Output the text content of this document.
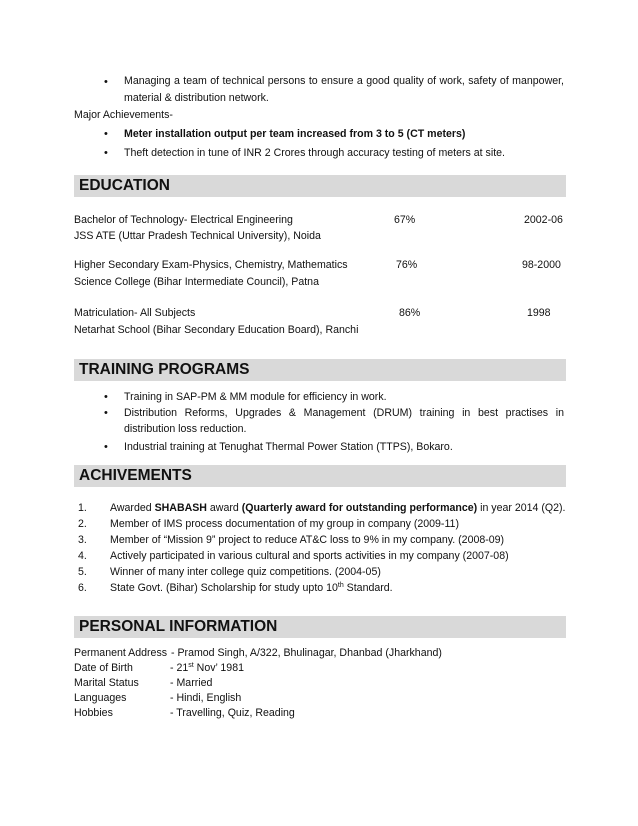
•	Managing a team of technical persons to ensure a good quality of work, safety of manpower, material & distribution network.
Major Achievements-
•	Meter installation output per team increased from 3 to 5 (CT meters)
•	Theft detection in tune of INR 2 Crores through accuracy testing of meters at site.
EDUCATION
Bachelor of Technology- Electrical Engineering	67%	2002-06
JSS ATE (Uttar Pradesh Technical University), Noida
Higher Secondary Exam-Physics, Chemistry, Mathematics	76%	98-2000
Science College (Bihar Intermediate Council), Patna
Matriculation- All Subjects	86%	1998
Netarhat School (Bihar Secondary Education Board), Ranchi
TRAINING PROGRAMS
•	Training in SAP-PM & MM module for efficiency in work.
•	Distribution Reforms, Upgrades & Management (DRUM) training in best practises in distribution loss reduction.
•	Industrial training at Tenughat Thermal Power Station (TTPS), Bokaro.
ACHIVEMENTS
1. Awarded SHABASH award (Quarterly award for outstanding performance) in year 2014 (Q2).
2. Member of IMS process documentation of my group in company (2009-11)
3. Member of “Mission 9” project to reduce AT&C loss to 9% in my company. (2008-09)
4. Actively participated in various cultural and sports activities in my company (2007-08)
5. Winner of many inter college quiz competitions. (2004-05)
6. State Govt. (Bihar) Scholarship for study upto 10th Standard.
PERSONAL INFORMATION
Permanent Address - Pramod Singh, A/322, Bhulinagar, Dhanbad (Jharkhand)
Date of Birth	- 21st Nov’ 1981
Marital Status	- Married
Languages	- Hindi, English
Hobbies	- Travelling, Quiz, Reading
